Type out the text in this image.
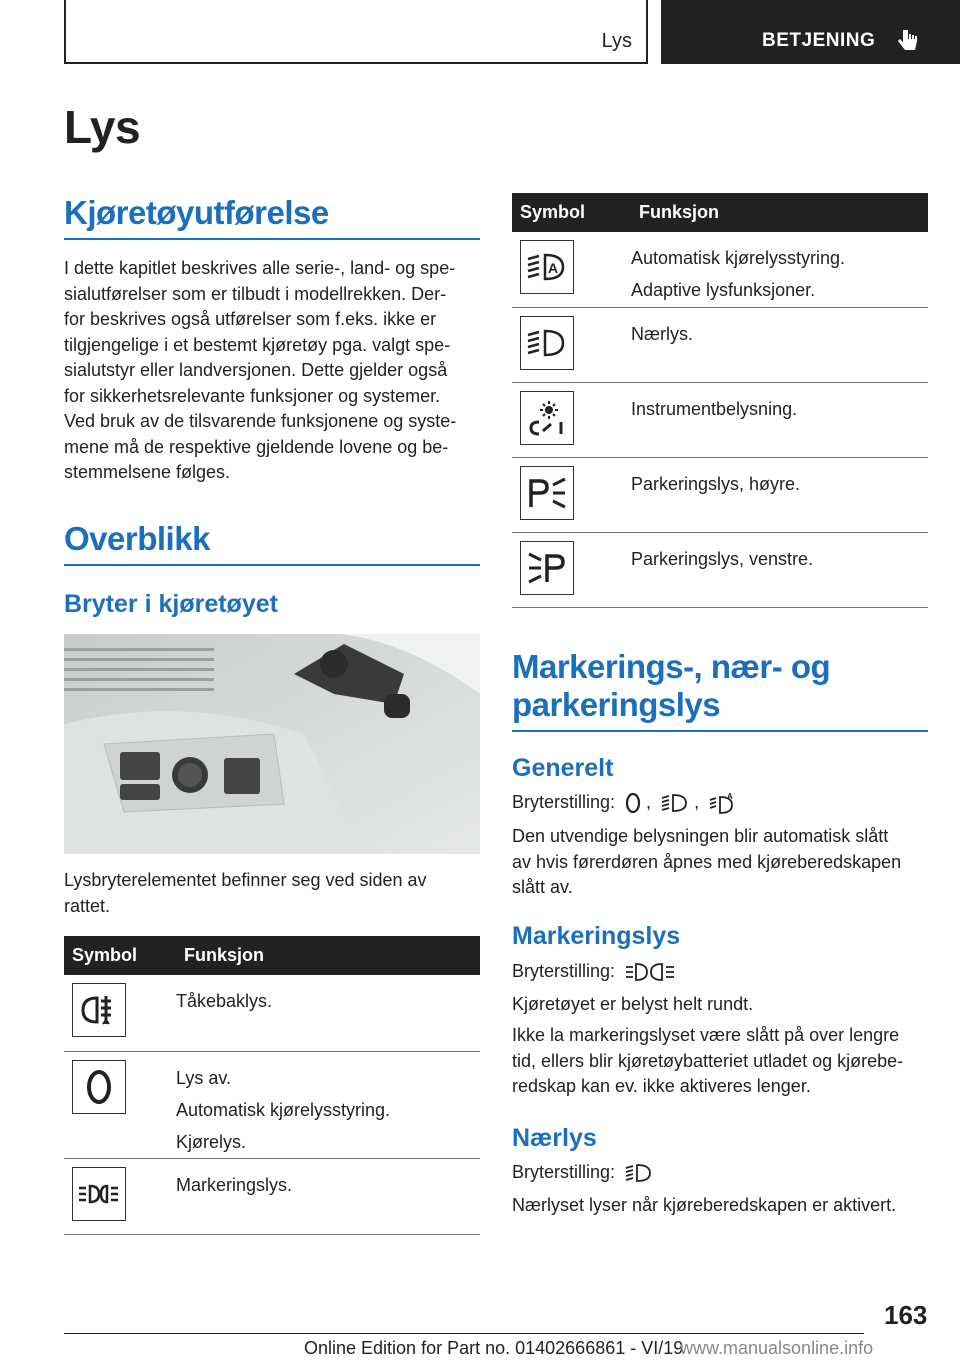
Lys	BETJENING
Lys
Kjøretøyutførelse
I dette kapitlet beskrives alle serie-, land- og spe-
sialutførelser som er tilbudt i modellrekken. Der-
for beskrives også utførelser som f.eks. ikke er
tilgjengelige i et bestemt kjøretøy pga. valgt spe-
sialutstyr eller landversjonen. Dette gjelder også
for sikkerhetsrelevante funksjoner og systemer.
Ved bruk av de tilsvarende funksjonene og syste-
mene må de respektive gjeldende lovene og be-
stemmelsene følges.
Overblikk
Bryter i kjøretøyet
Lysbryterelementet befinner seg ved siden av
rattet.
Symbol	Funksjon

Tåkebaklys.

Lys av.
Automatisk kjørelysstyring.
Kjørelys.

Markeringslys.
Symbol	Funksjon

A	Automatisk kjørelysstyring.
Adaptive lysfunksjoner.

Nærlys.

Instrumentbelysning.

Parkeringslys, høyre.

Parkeringslys, venstre.
Markerings-, nær- og
parkeringslys
Generelt
Bryterstilling: , ,	A
Den utvendige belysningen blir automatisk slått
av hvis førerdøren åpnes med kjøreberedskapen
slått av.
Markeringslys
Bryterstilling:
Kjøretøyet er belyst helt rundt.
Ikke la markeringslyset være slått på over lengre
tid, ellers blir kjøretøybatteriet utladet og kjørebe-
redskap kan ev. ikke aktiveres lenger.
Nærlys
Bryterstilling:
Nærlyset lyser når kjøreberedskapen er aktivert.
163
Online Edition for Part no. 01402666861 - VI/19
www.manualsonline.info
